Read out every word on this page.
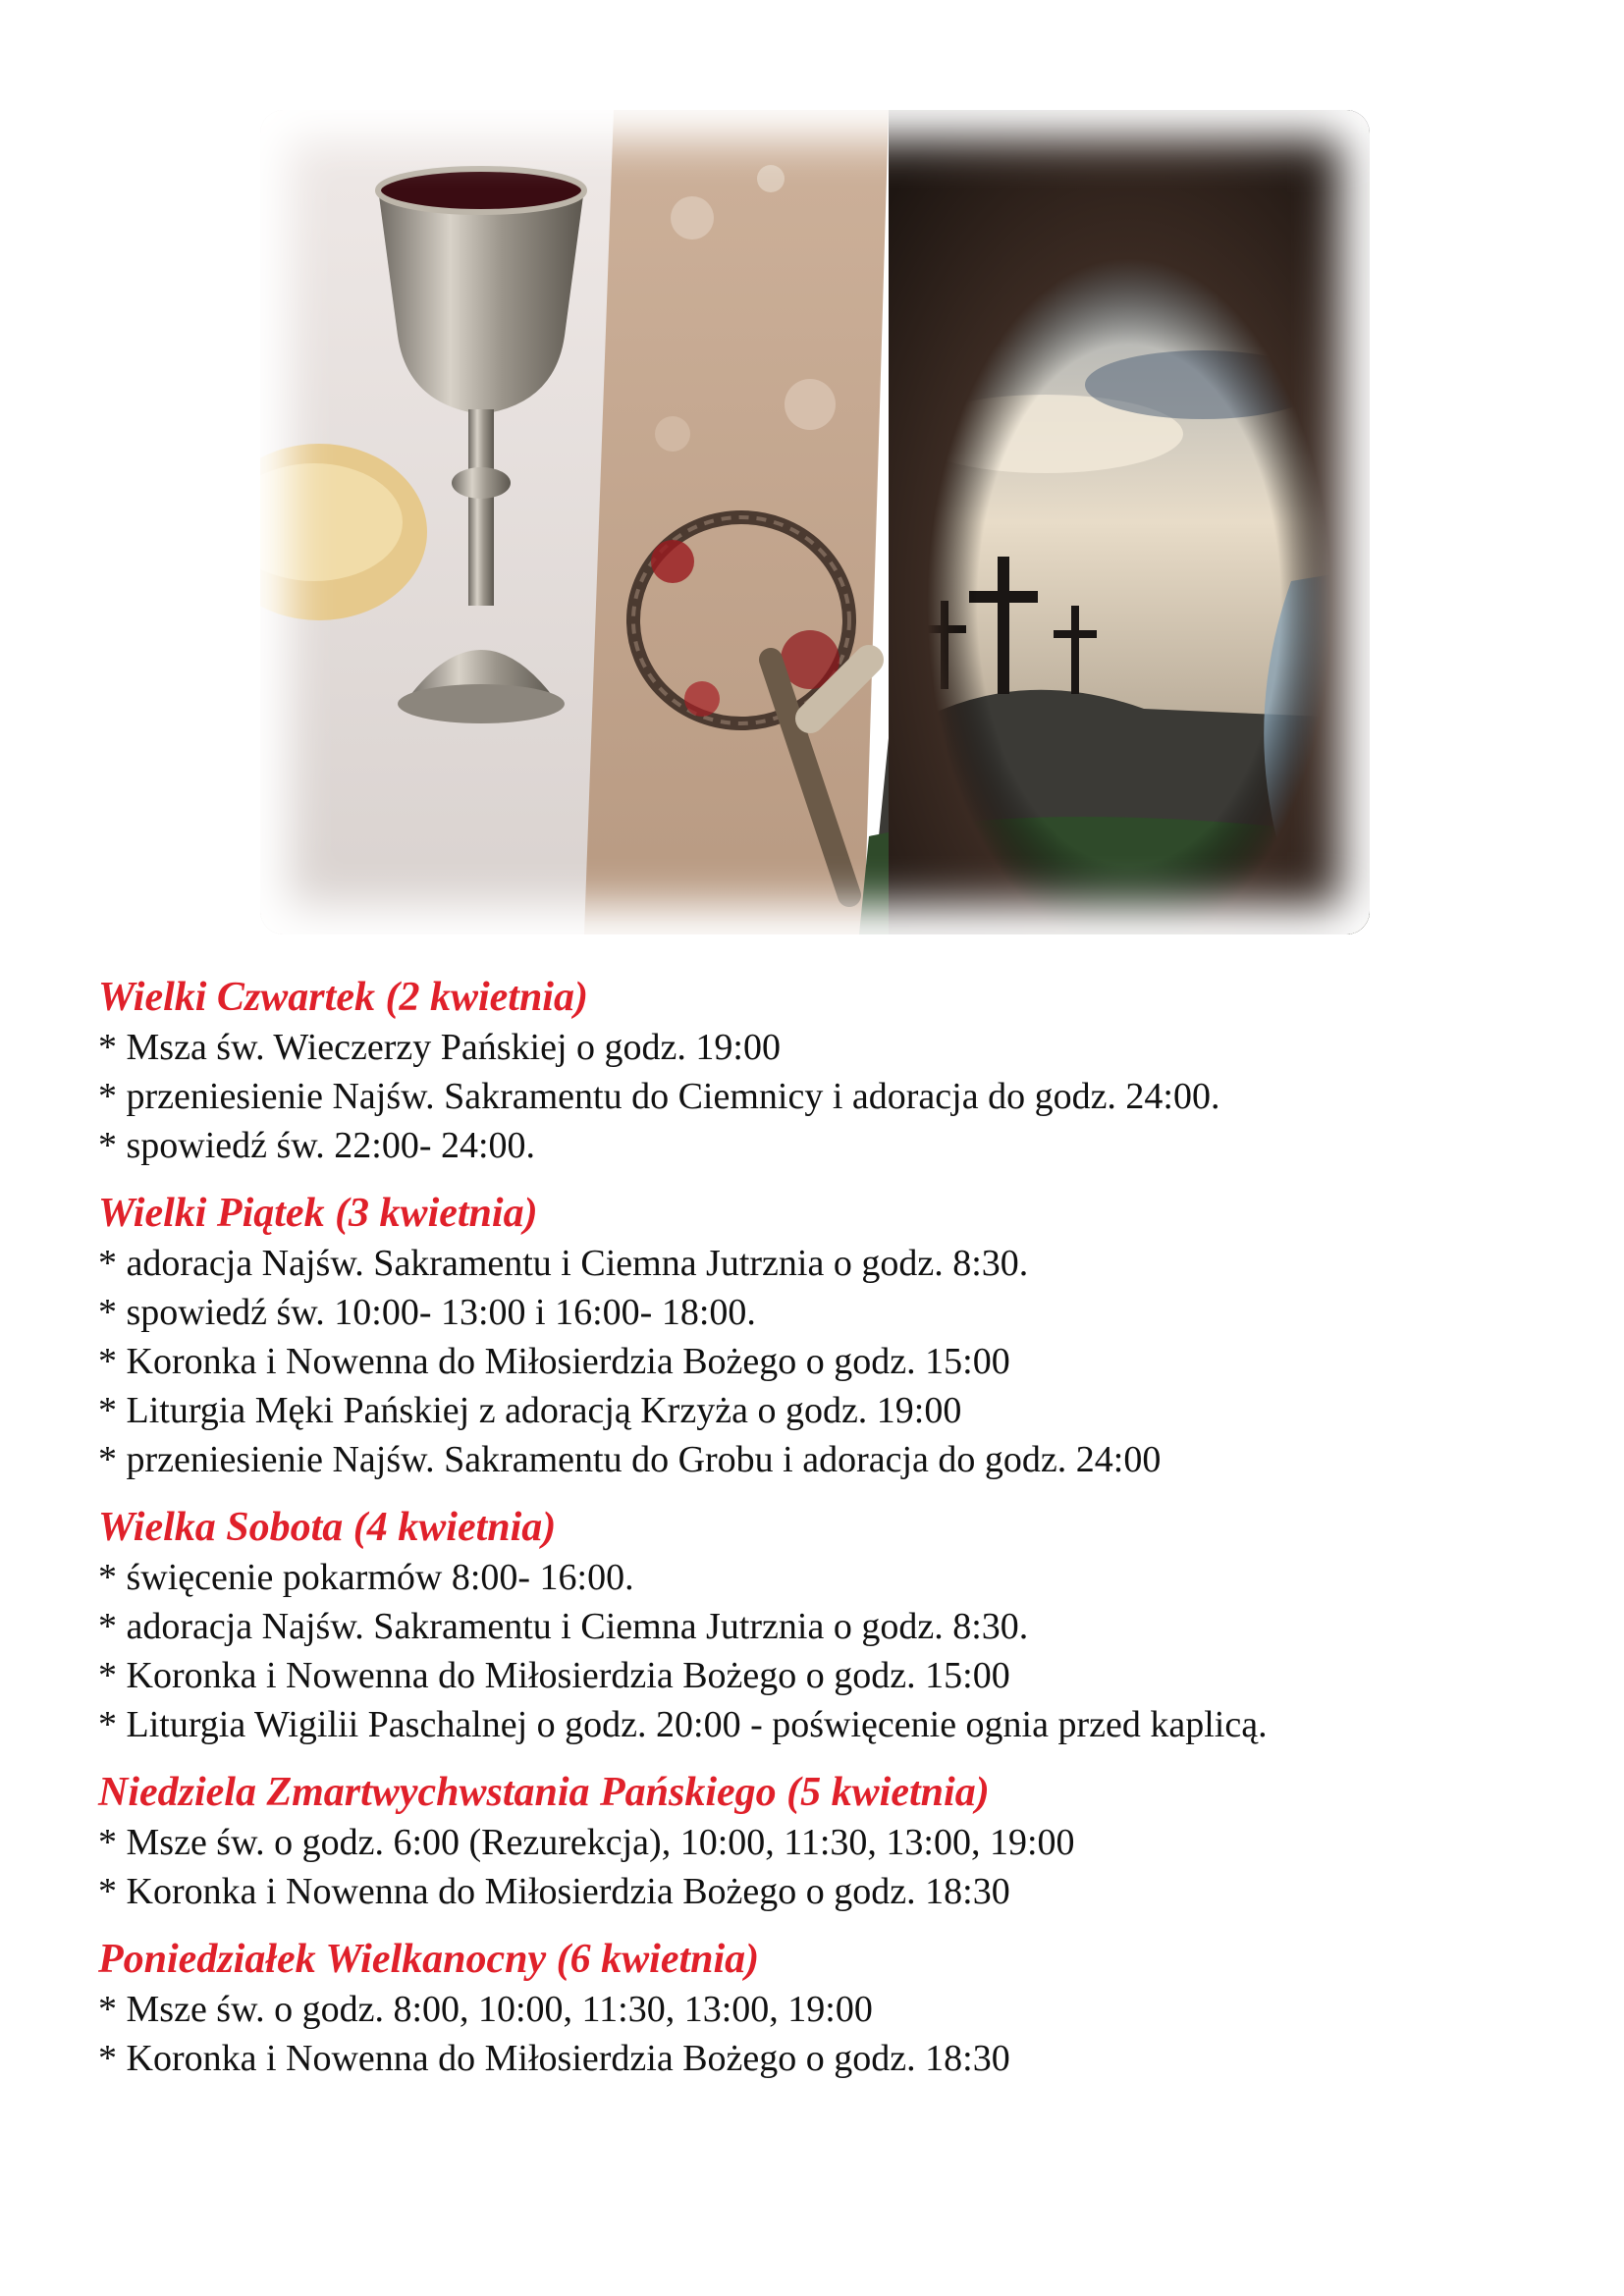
Wielki Czwartek (2 kwietnia)

* Msza św. Wieczerzy Pańskiej o godz. 19:00

* przeniesienie Najśw. Sakramentu do Ciemnicy i adoracja do godz. 24:00.

* spowiedź św. 22:00- 24:00.

Wielki Piątek (3 kwietnia)

* adoracja Najśw. Sakramentu i Ciemna Jutrznia o godz. 8:30.

* spowiedź św. 10:00- 13:00 i 16:00- 18:00.

* Koronka i Nowenna do Miłosierdzia Bożego o godz. 15:00

* Liturgia Męki Pańskiej z adoracją Krzyża o godz. 19:00

* przeniesienie Najśw. Sakramentu do Grobu i adoracja do godz. 24:00

Wielka Sobota (4 kwietnia)

* święcenie pokarmów 8:00- 16:00.

* adoracja Najśw. Sakramentu i Ciemna Jutrznia o godz. 8:30.

* Koronka i Nowenna do Miłosierdzia Bożego o godz. 15:00

* Liturgia Wigilii Paschalnej o godz. 20:00 - poświęcenie ognia przed kaplicą.

Niedziela Zmartwychwstania Pańskiego (5 kwietnia)

* Msze św. o godz. 6:00 (Rezurekcja), 10:00, 11:30, 13:00, 19:00

* Koronka i Nowenna do Miłosierdzia Bożego o godz. 18:30

Poniedziałek Wielkanocny (6 kwietnia)

* Msze św. o godz. 8:00, 10:00, 11:30, 13:00, 19:00

* Koronka i Nowenna do Miłosierdzia Bożego o godz. 18:30
